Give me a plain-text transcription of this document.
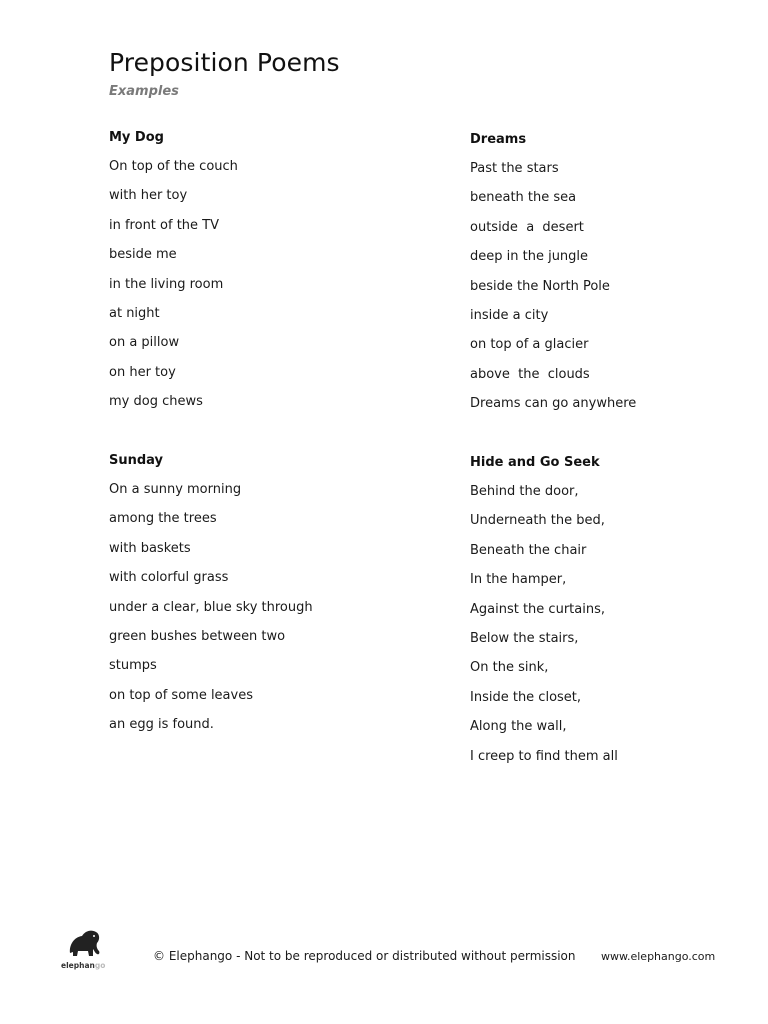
Preposition Poems
Examples
My Dog
On top of the couch
with her toy
in front of the TV
beside me
in the living room
at night
on a pillow
on her toy
my dog chews
Dreams
Past the stars
beneath the sea
outside  a  desert
deep in the jungle
beside the North Pole
inside a city
on top of a glacier
above  the  clouds
Dreams can go anywhere
Sunday
On a sunny morning
among the trees
with baskets
with colorful grass
under a clear, blue sky through
green bushes between two
stumps
on top of some leaves
an egg is found.
Hide and Go Seek
Behind the door,
Underneath the bed,
Beneath the chair
In the hamper,
Against the curtains,
Below the stairs,
On the sink,
Inside the closet,
Along the wall,
I creep to find them all
elephango
© Elephango - Not to be reproduced or distributed without permission www.elephango.com
